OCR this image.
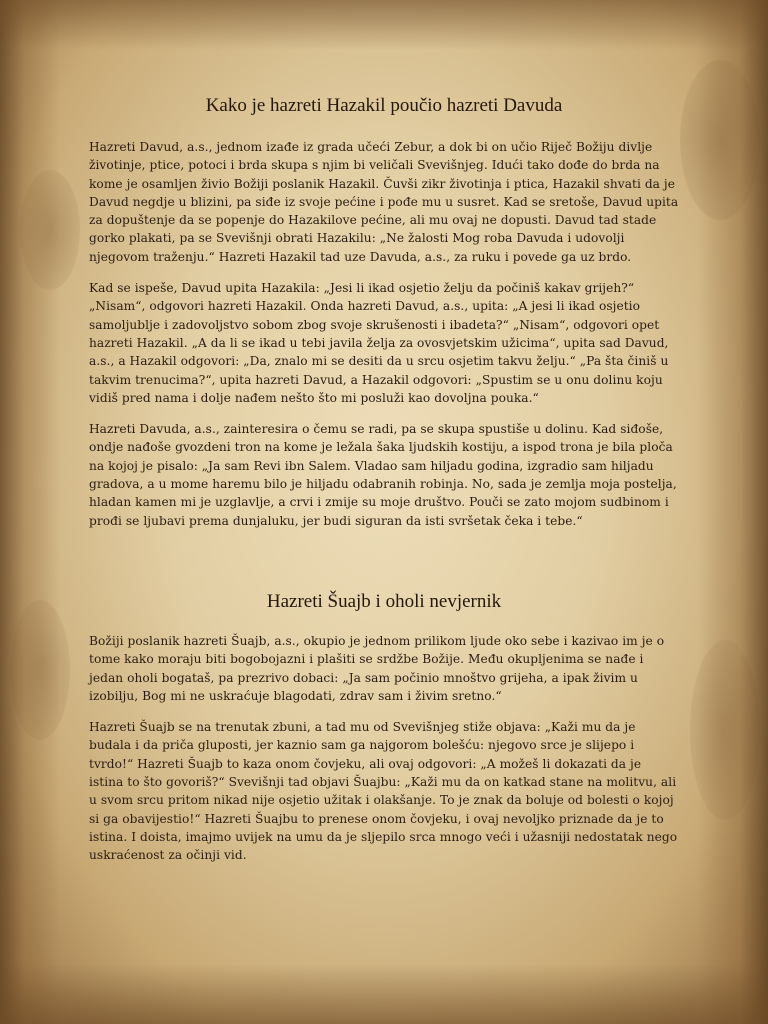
Kako je hazreti Hazakil poučio hazreti Davuda

Hazreti Davud, a.s., jednom izađe iz grada učeći Zebur, a dok bi on učio Riječ Božiju divlje životinje, ptice, potoci i brda skupa s njim bi veličali Svevišnjeg. Idući tako dođe do brda na kome je osamljen živio Božiji poslanik Hazakil. Čuvši zikr životinja i ptica, Hazakil shvati da je Davud negdje u blizini, pa siđe iz svoje pećine i pođe mu u susret. Kad se sretoše, Davud upita za dopuštenje da se popenje do Hazakilove pećine, ali mu ovaj ne dopusti. Davud tad stade gorko plakati, pa se Svevišnji obrati Hazakilu: „Ne žalosti Mog roba Davuda i udovolji njegovom traženju.“ Hazreti Hazakil tad uze Davuda, a.s., za ruku i povede ga uz brdo.

Kad se ispeše, Davud upita Hazakila: „Jesi li ikad osjetio želju da počiniš kakav grijeh?“ „Nisam“, odgovori hazreti Hazakil. Onda hazreti Davud, a.s., upita: „A jesi li ikad osjetio samoljublje i zadovoljstvo sobom zbog svoje skrušenosti i ibadeta?“ „Nisam“, odgovori opet hazreti Hazakil. „A da li se ikad u tebi javila želja za ovosvjetskim užicima“, upita sad Davud, a.s., a Hazakil odgovori: „Da, znalo mi se desiti da u srcu osjetim takvu želju.“ „Pa šta činiš u takvim trenucima?“, upita hazreti Davud, a Hazakil odgovori: „Spustim se u onu dolinu koju vidiš pred nama i dolje nađem nešto što mi posluži kao dovoljna pouka.“

Hazreti Davuda, a.s., zainteresira o čemu se radi, pa se skupa spustiše u dolinu. Kad siđoše, ondje nađoše gvozdeni tron na kome je ležala šaka ljudskih kostiju, a ispod trona je bila ploča na kojoj je pisalo: „Ja sam Revi ibn Salem. Vladao sam hiljadu godina, izgradio sam hiljadu gradova, a u mome haremu bilo je hiljadu odabranih robinja. No, sada je zemlja moja postelja, hladan kamen mi je uzglavlje, a crvi i zmije su moje društvo. Pouči se zato mojom sudbinom i prođi se ljubavi prema dunjaluku, jer budi siguran da isti svršetak čeka i tebe.“

Hazreti Šuajb i oholi nevjernik

Božiji poslanik hazreti Šuajb, a.s., okupio je jednom prilikom ljude oko sebe i kazivao im je o tome kako moraju biti bogobojazni i plašiti se srdžbe Božije. Među okupljenima se nađe i jedan oholi bogataš, pa prezrivo dobaci: „Ja sam počinio mnoštvo grijeha, a ipak živim u izobilju, Bog mi ne uskraćuje blagodati, zdrav sam i živim sretno.“

Hazreti Šuajb se na trenutak zbuni, a tad mu od Svevišnjeg stiže objava: „Kaži mu da je budala i da priča gluposti, jer kaznio sam ga najgorom bolešću: njegovo srce je slijepo i tvrdo!“ Hazreti Šuajb to kaza onom čovjeku, ali ovaj odgovori: „A možeš li dokazati da je istina to što govoriš?“ Svevišnji tad objavi Šuajbu: „Kaži mu da on katkad stane na molitvu, ali u svom srcu pritom nikad nije osjetio užitak i olakšanje. To je znak da boluje od bolesti o kojoj si ga obavijestio!“ Hazreti Šuajbu to prenese onom čovjeku, i ovaj nevoljko priznade da je to istina. I doista, imajmo uvijek na umu da je sljepilo srca mnogo veći i užasniji nedostatak nego uskraćenost za očinji vid.
